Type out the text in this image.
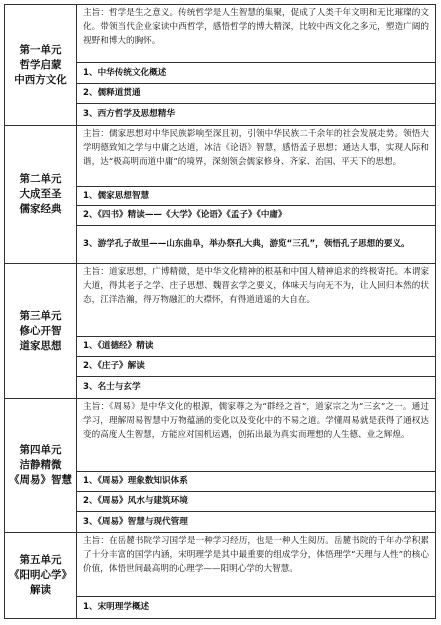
第一单元
哲学启蒙
中西方文化
主旨：哲学是生之意义。传统哲学是人生智慧的集聚，促成了人类千年文明和无比璀璨的文化。带领当代企业家读中西哲学，感悟哲学的博大精深，比较中西文化之多元，塑造广阔的视野和博大的胸怀。
1、中华传统文化概述
2、儒释道贯通
3、西方哲学及思想精华
第二单元
大成至圣
儒家经典
主旨：儒家思想对中华民族影响至深且初，引领中华民族二千余年的社会发展走势。领悟大学明德致知之学与中庸之达道，冰洁《论语》智慧，感悟孟子思想；通达人事，实现人际和谐，达“极高明而道中庸”的境界，深刻领会儒家修身、齐家、治国、平天下的思想。
1、儒家思想智慧
2、《四书》精读——《大学》《论语》《孟子》《中庸》
3、游学孔子故里——山东曲阜，举办祭孔大典，游览“三孔”，领悟孔子思想的要义。
第三单元
修心开智
道家思想
主旨：道家思想，广博精微，是中华文化精神的根基和中国人精神追求的终极寄托。本谓家大道，得其老子之学、庄子思想、魏晋玄学之要义，体味天与向无不为，让人回归本然的状态，江洋浩瀚，得万物融汇的大襟怀，有得道逍遥的大自在。
1、《道德经》精读
2、《庄子》解读
3、名士与玄学
第四单元
洁静精微
《周易》智慧
主旨：《周易》是中华文化的根源，儒家尊之为“群经之首”，道家宗之为“三玄”之一。通过学习，理解周易智慧中万物蕴涵的变化以及变化中的不易之道。学懂周易就是获得了通权达变的高度人生智慧，方能应对国机运遇，创拓出最为真实而理想的人生德、业之辉煌。
1、《周易》理象数知识体系
2、《周易》风水与建筑环境
3、《周易》智慧与现代管理
第五单元
《阳明心学》
解读
主旨：在岳麓书院学习国学是一种学习经历，也是一种人生阅历。岳麓书院的千年办学积累了十分丰富的国学内涵，宋明理学是其中最重要的组成学分，体悟理学“天理与人性”的核心价值，体悟世间最高明的心理学——阳明心学的大智慧。
1、宋明理学概述
